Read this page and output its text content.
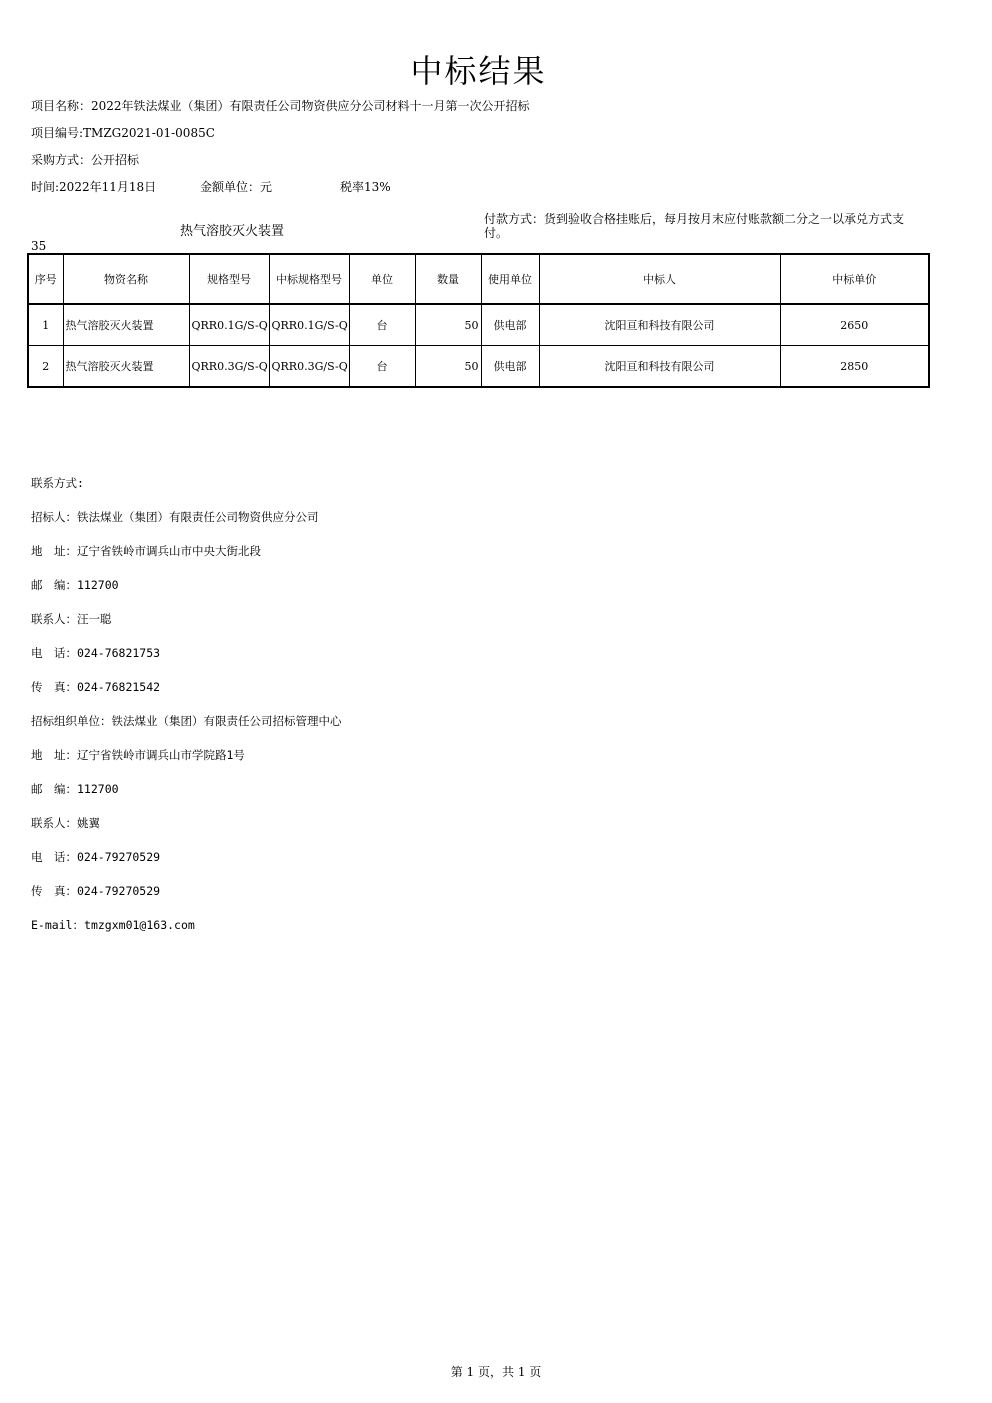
中标结果
项目名称：2022年铁法煤业（集团）有限责任公司物资供应分公司材料十一月第一次公开招标
项目编号:TMZG2021-01-0085C
采购方式：公开招标
时间:2022年11月18日	金额单位：元	税率13%
热气溶胶灭火装置
付款方式：货到验收合格挂账后，每月按月末应付账款额二分之一以承兑方式支付。
35
序号	物资名称	规格型号	中标规格型号	单位	数量	使用单位	中标人	中标单价
1	热气溶胶灭火装置	QRR0.1G/S-Q	QRR0.1G/S-Q	台	50	供电部	沈阳亘和科技有限公司	2650
2	热气溶胶灭火装置	QRR0.3G/S-Q	QRR0.3G/S-Q	台	50	供电部	沈阳亘和科技有限公司	2850

联系方式:

招标人：铁法煤业（集团）有限责任公司物资供应分公司

地　址：辽宁省铁岭市调兵山市中央大街北段

邮　编：112700

联系人：汪一聪

电　话：024-76821753

传　真：024-76821542

招标组织单位：铁法煤业（集团）有限责任公司招标管理中心

地　址：辽宁省铁岭市调兵山市学院路1号

邮　编：112700

联系人：姚翼

电　话：024-79270529

传　真：024-79270529

E-mail：tmzgxm01@163.com

第 1 页，共 1 页
